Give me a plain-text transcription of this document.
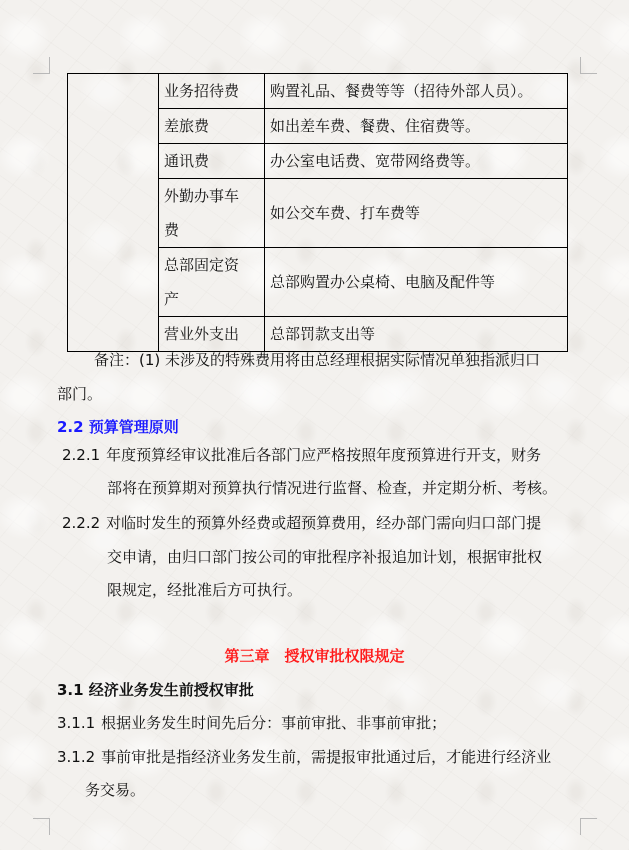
	业务招待费	购置礼品、餐费等等（招待外部人员）。
	差旅费	如出差车费、餐费、住宿费等。
	通讯费	办公室电话费、宽带网络费等。

	外勤办事车
费	如公交车费、打车费等

	总部固定资
产	总部购置办公桌椅、电脑及配件等
	营业外支出	总部罚款支出等
备注：(1) 未涉及的特殊费用将由总经理根据实际情况单独指派归口
部门。
2.2 预算管理原则
2.2.1 年度预算经审议批准后各部门应严格按照年度预算进行开支，财务
部将在预算期对预算执行情况进行监督、检查，并定期分析、考核。
2.2.2 对临时发生的预算外经费或超预算费用，经办部门需向归口部门提
交申请，由归口部门按公司的审批程序补报追加计划，根据审批权
限规定，经批准后方可执行。
第三章　授权审批权限规定
3.1 经济业务发生前授权审批
3.1.1 根据业务发生时间先后分：事前审批、非事前审批；
3.1.2 事前审批是指经济业务发生前，需提报审批通过后，才能进行经济业
务交易。
